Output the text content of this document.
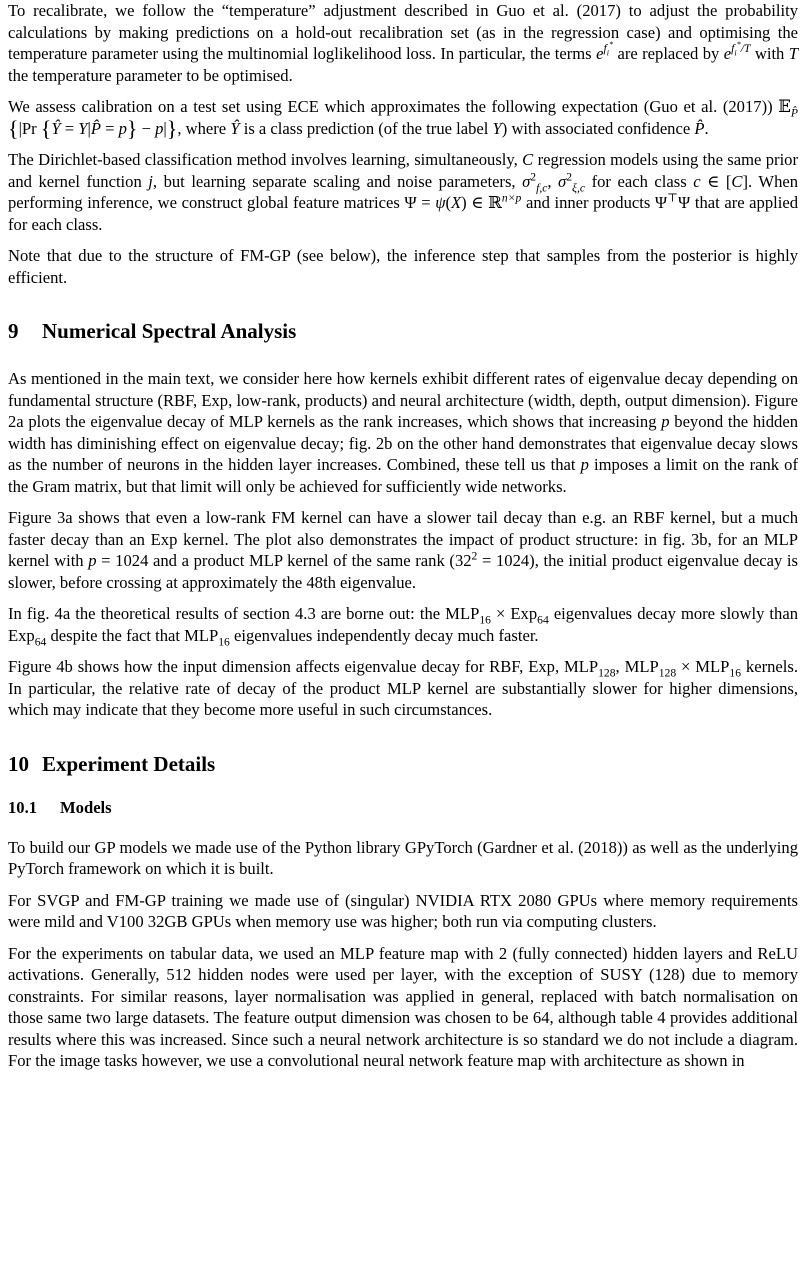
To recalibrate, we follow the “temperature” adjustment described in Guo et al. (2017) to adjust the probability calculations by making predictions on a hold-out recalibration set (as in the regression case) and optimising the temperature parameter using the multinomial loglikelihood loss. In particular, the terms $e^{f_i^*}$ are replaced by $e^{f_i^*/T}$ with T the temperature parameter to be optimised.

We assess calibration on a test set using ECE which approximates the following expectation (Guo et al. (2017)) 𝔼$_{P̂}$ {|Pr {Ŷ = Y|P̂ = p} − p|}, where Ŷ is a class prediction (of the true label Y) with associated confidence P̂.

The Dirichlet-based classification method involves learning, simultaneously, C regression models using the same prior and kernel function j, but learning separate scaling and noise parameters, $\sigma^2_{f,c}$, $\sigma^2_{\xi,c}$ for each class c ∈ [C]. When performing inference, we construct global feature matrices Ψ = ψ(X) ∈ ℝ$^{n\times p}$ and inner products Ψ⊤Ψ that are applied for each class.

Note that due to the structure of FM-GP (see below), the inference step that samples from the posterior is highly efficient.

9 Numerical Spectral Analysis

As mentioned in the main text, we consider here how kernels exhibit different rates of eigenvalue decay depending on fundamental structure (RBF, Exp, low-rank, products) and neural architecture (width, depth, output dimension). Figure 2a plots the eigenvalue decay of MLP kernels as the rank increases, which shows that increasing p beyond the hidden width has diminishing effect on eigenvalue decay; fig. 2b on the other hand demonstrates that eigenvalue decay slows as the number of neurons in the hidden layer increases. Combined, these tell us that p imposes a limit on the rank of the Gram matrix, but that limit will only be achieved for sufficiently wide networks.

Figure 3a shows that even a low-rank FM kernel can have a slower tail decay than e.g. an RBF kernel, but a much faster decay than an Exp kernel. The plot also demonstrates the impact of product structure: in fig. 3b, for an MLP kernel with p = 1024 and a product MLP kernel of the same rank $(32^2 = 1024)$, the initial product eigenvalue decay is slower, before crossing at approximately the 48th eigenvalue.

In fig. 4a the theoretical results of section 4.3 are borne out: the $MLP_{16} \times Exp_{64}$ eigenvalues decay more slowly than Exp$_{64}$ despite the fact that $MLP_{16}$ eigenvalues independently decay much faster.

Figure 4b shows how the input dimension affects eigenvalue decay for RBF, Exp, $MLP_{128}$, $MLP_{128} \times MLP_{16}$ kernels. In particular, the relative rate of decay of the product MLP kernel are substantially slower for higher dimensions, which may indicate that they become more useful in such circumstances.

10 Experiment Details
10.1 Models

To build our GP models we made use of the Python library GPyTorch (Gardner et al. (2018)) as well as the underlying PyTorch framework on which it is built.

For SVGP and FM-GP training we made use of (singular) NVIDIA RTX 2080 GPUs where memory requirements were mild and V100 32GB GPUs when memory use was higher; both run via computing clusters.

For the experiments on tabular data, we used an MLP feature map with 2 (fully connected) hidden layers and ReLU activations. Generally, 512 hidden nodes were used per layer, with the exception of SUSY (128) due to memory constraints. For similar reasons, layer normalisation was applied in general, replaced with batch normalisation on those same two large datasets. The feature output dimension was chosen to be 64, although table 4 provides additional results where this was increased. Since such a neural network architecture is so standard we do not include a diagram. For the image tasks however, we use a convolutional neural network feature map with architecture as shown in
